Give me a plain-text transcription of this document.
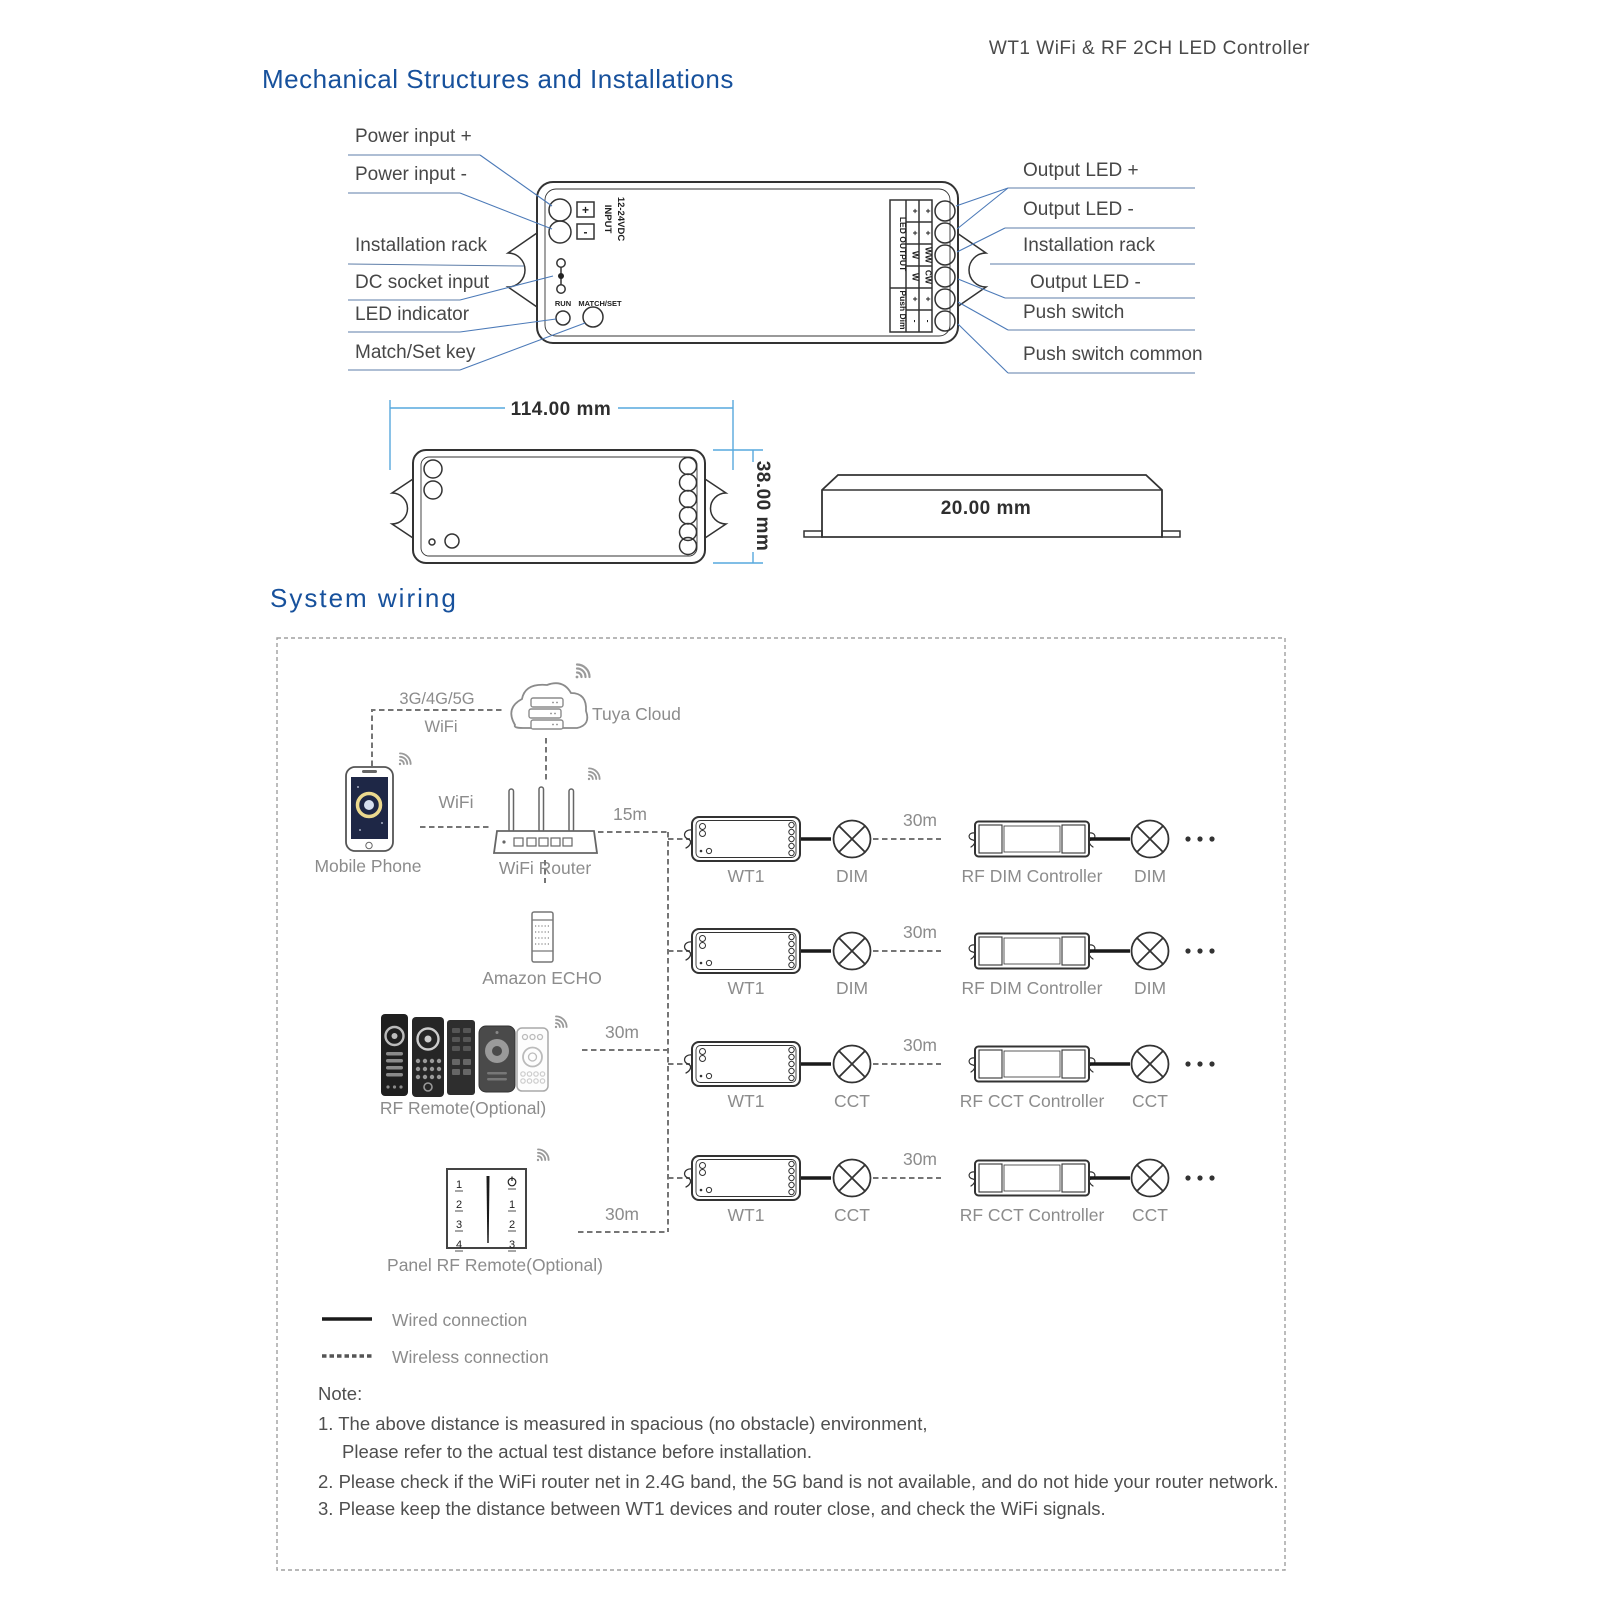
WT1 WiFi & RF 2CH LED Controller
Mechanical Structures and Installations
System wiring
+
- INPUT 12-24VDC
RUN MATCH/SET
LED OUTPUT
Push Dim
+ +
+ +
W WW
W CW
+ +
- -
Power input +
Power input -
Installation rack
DC socket input
LED indicator
Match/Set key
Output LED +
Output LED -
Installation rack
Output LED -
Push switch
Push switch common
114.00 mm
38.00 mm	20.00 mm
3G/4G/5G
WiFi
Tuya Cloud
Mobile Phone
WiFi
WiFi Router
15m
Amazon ECHO
RF Remote(Optional)
30m
1
2
3
4
1
2
3
Panel RF Remote(Optional)
30m
WT1	DIM
30m
RF DIM Controller DIM
WT1	DIM
30m
RF DIM Controller DIM
WT1	CCT
30m
RF CCT Controller CCT
WT1	CCT
30m
RF CCT Controller CCT
Wired connection
Wireless connection
Note:
1. The above distance is measured in spacious (no obstacle) environment,
Please refer to the actual test distance before installation.
2. Please check if the WiFi router net in 2.4G band, the 5G band is not available, and do not hide your router network.
3. Please keep the distance between WT1 devices and router close, and check the WiFi signals.
